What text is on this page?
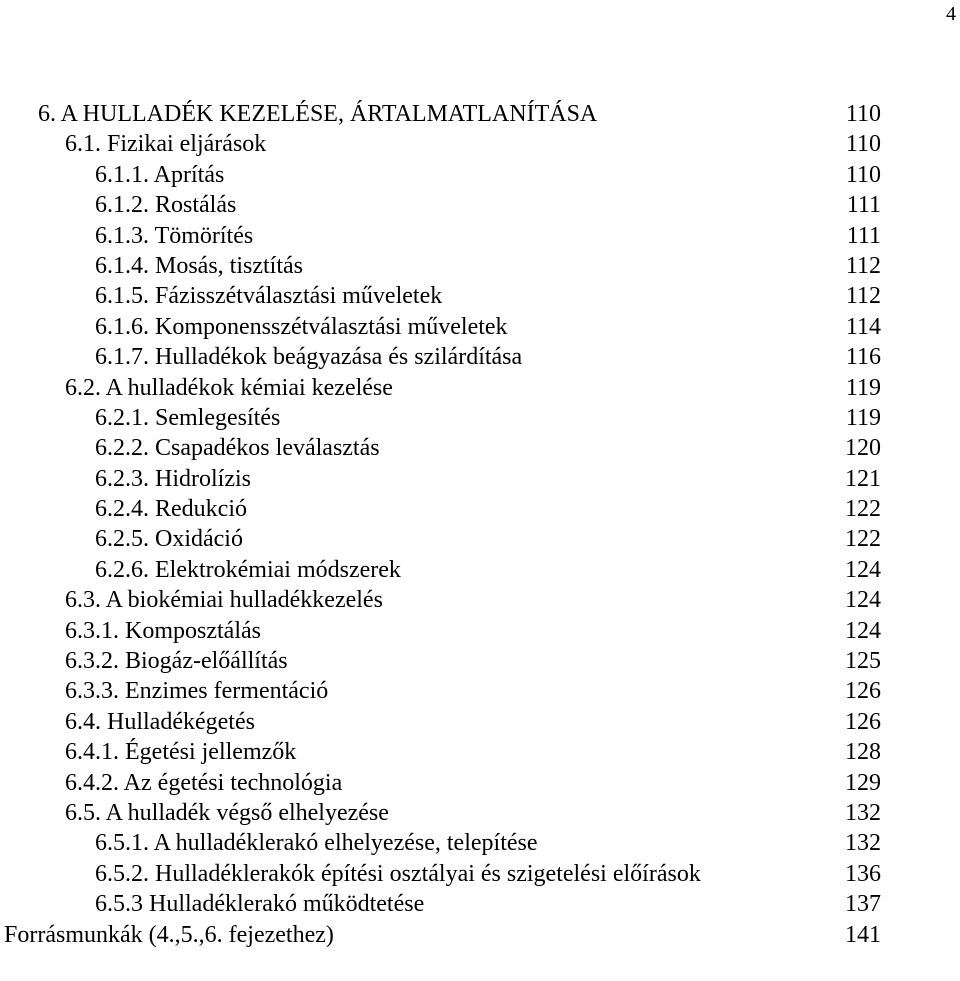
4
6. A HULLADÉK KEZELÉSE, ÁRTALMATLANÍTÁSA	110
6.1. Fizikai eljárások	110
6.1.1. Aprítás	110
6.1.2. Rostálás	111
6.1.3. Tömörítés	111
6.1.4. Mosás, tisztítás	112
6.1.5. Fázisszétválasztási műveletek	112
6.1.6. Komponensszétválasztási műveletek	114
6.1.7. Hulladékok beágyazása és szilárdítása	116
6.2. A hulladékok kémiai kezelése	119
6.2.1. Semlegesítés	119
6.2.2. Csapadékos leválasztás	120
6.2.3. Hidrolízis	121
6.2.4. Redukció	122
6.2.5. Oxidáció	122
6.2.6. Elektrokémiai módszerek	124
6.3. A biokémiai hulladékkezelés	124
6.3.1. Komposztálás	124
6.3.2. Biogáz-előállítás	125
6.3.3. Enzimes fermentáció	126
6.4. Hulladékégetés	126
6.4.1. Égetési jellemzők	128
6.4.2. Az égetési technológia	129
6.5. A hulladék végső elhelyezése	132
6.5.1. A hulladéklerakó elhelyezése, telepítése	132
6.5.2. Hulladéklerakók építési osztályai és szigetelési előírások	136
6.5.3 Hulladéklerakó működtetése	137
Forrásmunkák (4.,5.,6. fejezethez)	141
